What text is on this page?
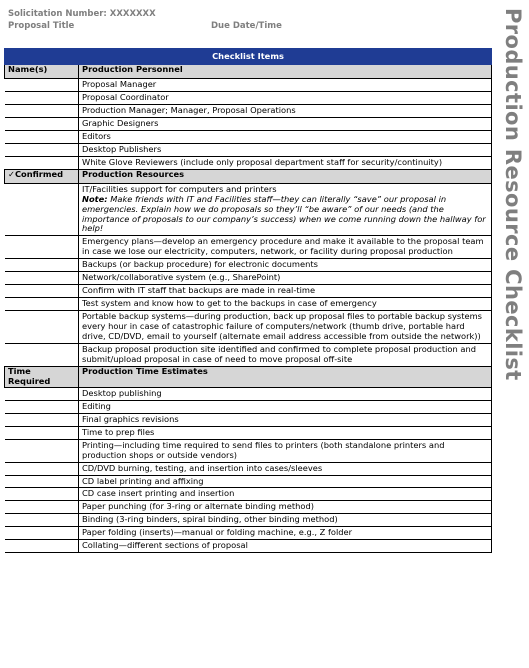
Solicitation Number: XXXXXXX
Proposal Title	Due Date/Time	Production Resource Checklist
Checklist Items	
Name(s)	Production Personnel
	Proposal Manager
	Proposal Coordinator
	Production Manager; Manager, Proposal Operations
	Graphic Designers
	Editors
	Desktop Publishers
	White Glove Reviewers (include only proposal department staff for security/continuity)
✓Confirmed	Production Resources
	IT/Facilities support for computers and printers
Note: Make friends with IT and Facilities staff—they can literally “save” our proposal in emergencies. Explain how we do proposals so they’ll “be aware” of our needs (and the importance of proposals to our company’s success) when we come running down the hallway for help!
	Emergency plans—develop an emergency procedure and make it available to the proposal team in case we lose our electricity, computers, network, or facility during proposal production
	Backups (or backup procedure) for electronic documents
	Network/collaborative system (e.g., SharePoint)
	Confirm with IT staff that backups are made in real-time
	Test system and know how to get to the backups in case of emergency
	Portable backup systems—during production, back up proposal files to portable backup systems every hour in case of catastrophic failure of computers/network (thumb drive, portable hard drive, CD/DVD, email to yourself (alternate email address accessible from outside the network))
	Backup proposal production site identified and confirmed to complete proposal production and submit/upload proposal in case of need to move proposal off-site
Time Required	Production Time Estimates
	Desktop publishing
	Editing
	Final graphics revisions
	Time to prep files
	Printing—including time required to send files to printers (both standalone printers and production shops or outside vendors)
	CD/DVD burning, testing, and insertion into cases/sleeves
	CD label printing and affixing
	CD case insert printing and insertion
	Paper punching (for 3-ring or alternate binding method)
	Binding (3-ring binders, spiral binding, other binding method)
	Paper folding (inserts)—manual or folding machine, e.g., Z folder
	Collating—different sections of proposal
